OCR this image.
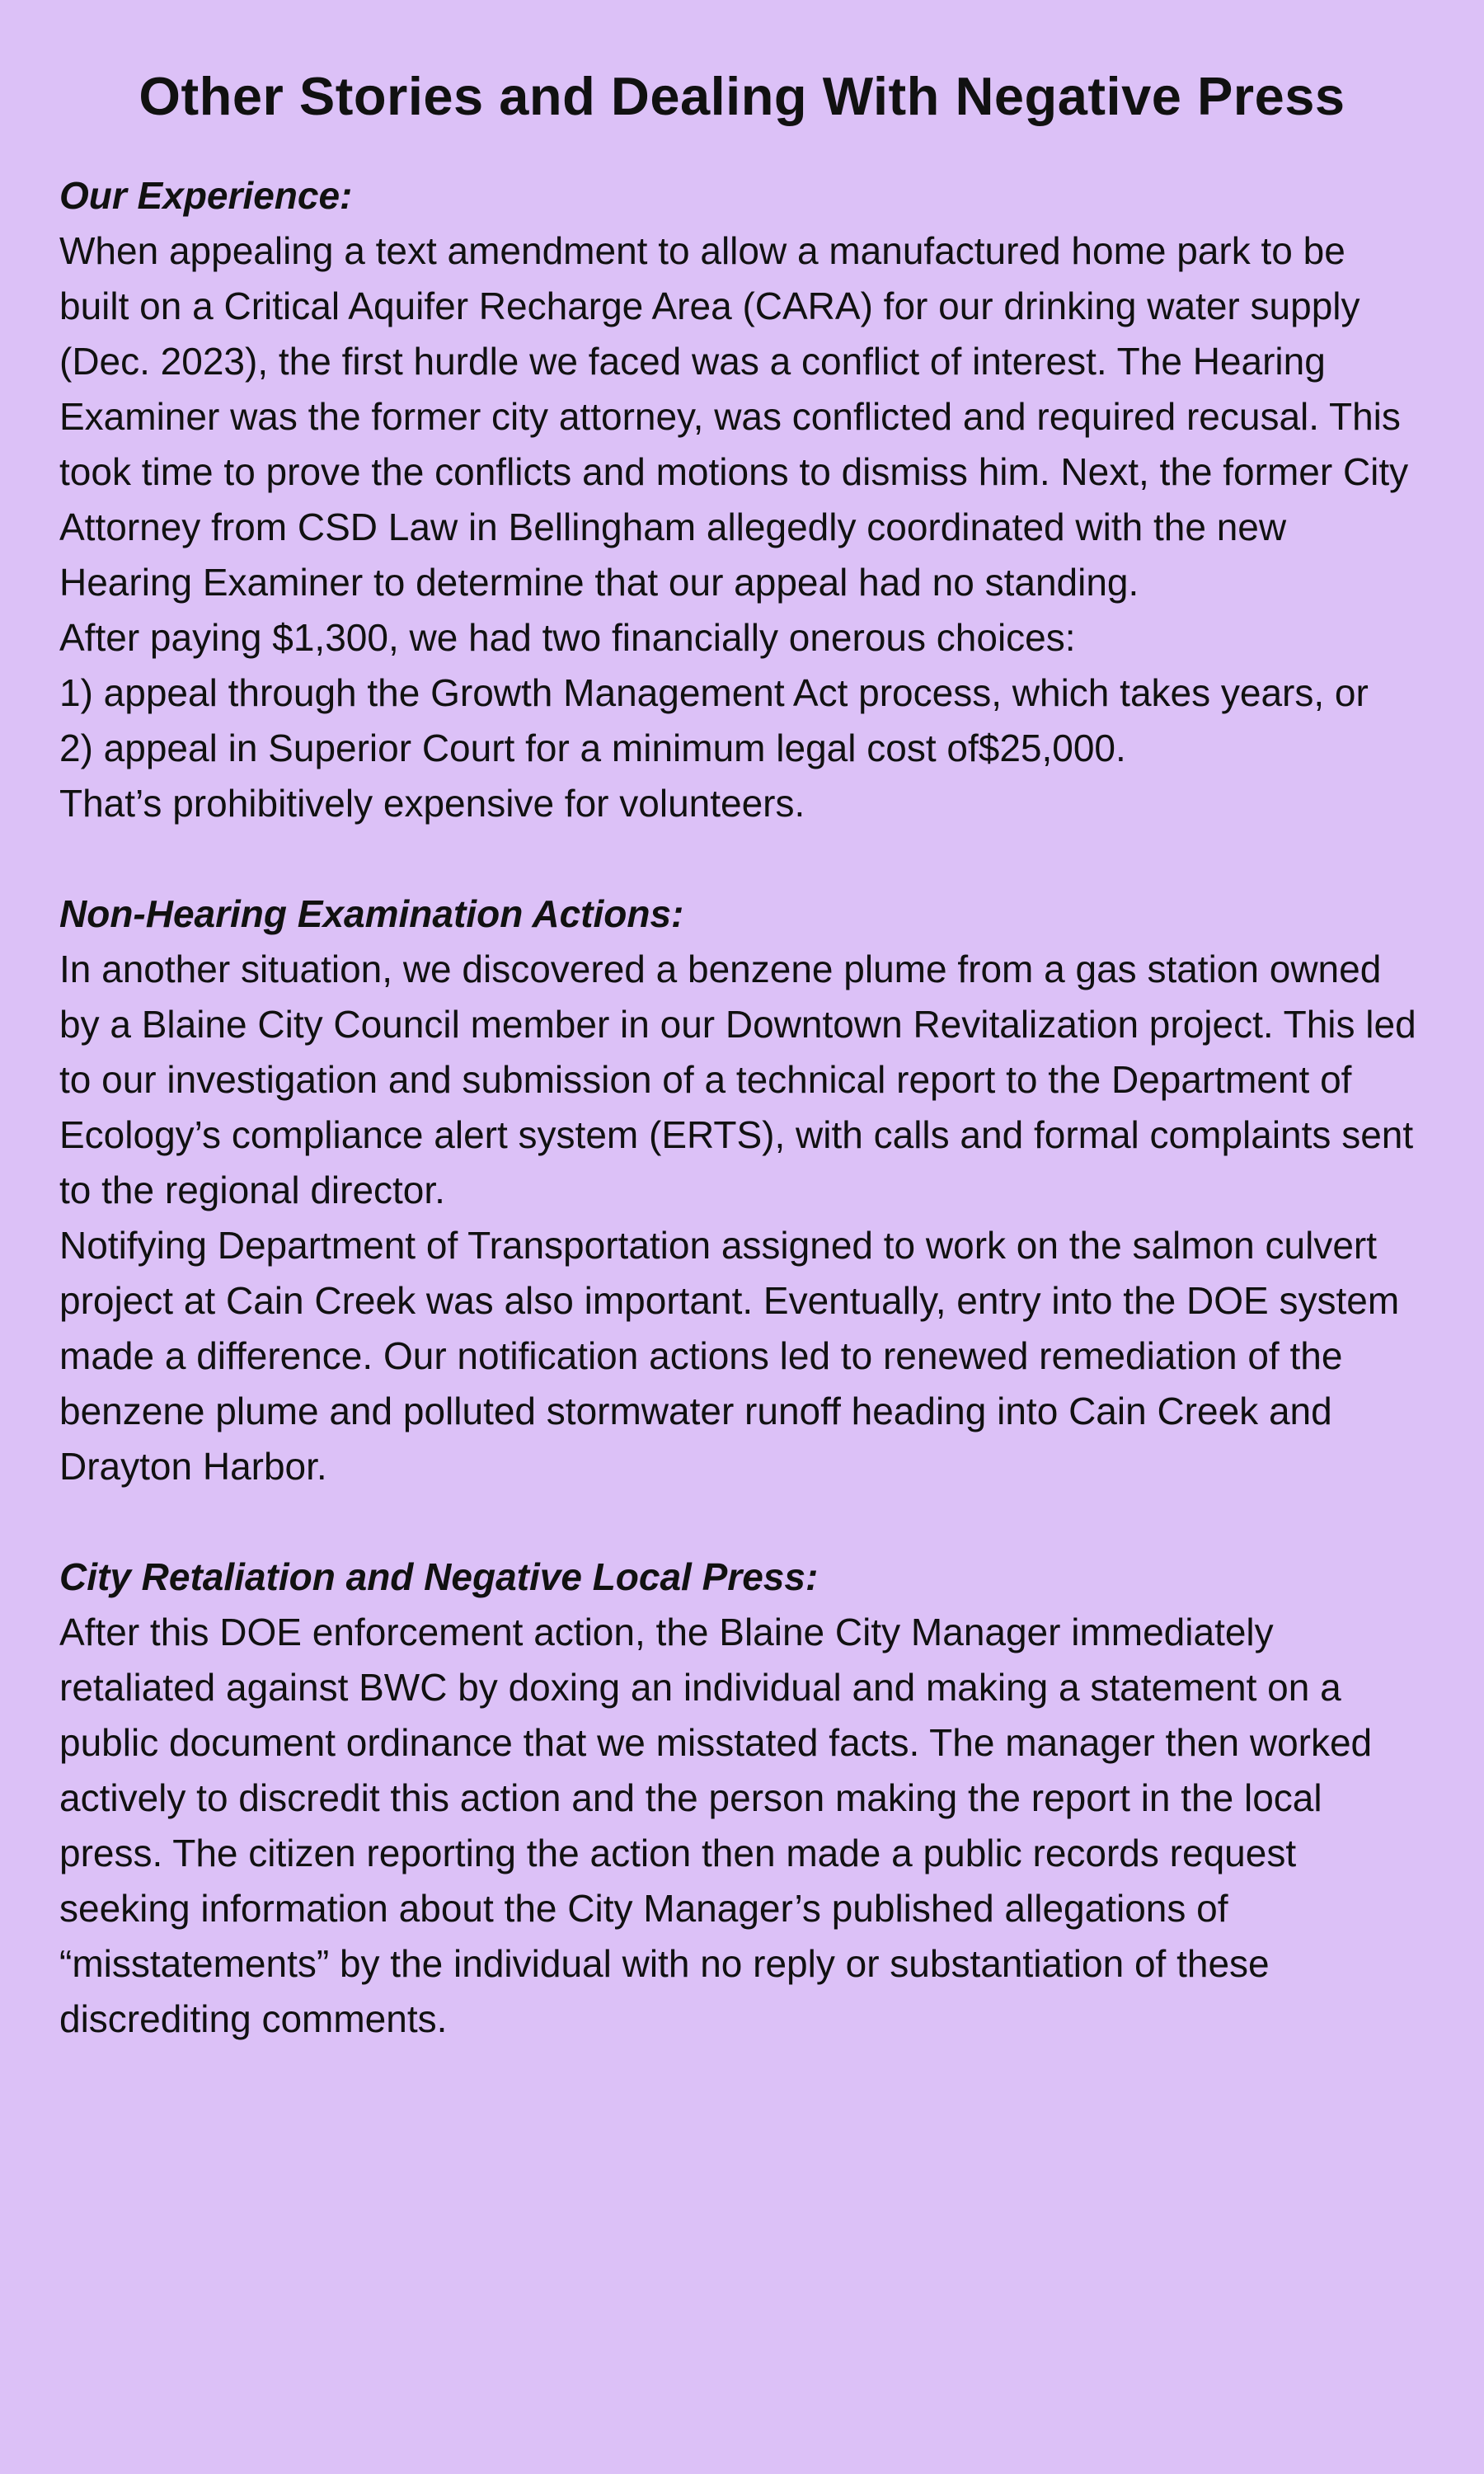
Other Stories and Dealing With Negative Press

Our Experience:

When appealing a text amendment to allow a manufactured home park to be built on a Critical Aquifer Recharge Area (CARA) for our drinking water supply (Dec. 2023), the first hurdle we faced was a conflict of interest. The Hearing Examiner was the former city attorney, was conflicted and required recusal. This took time to prove the conflicts and motions to dismiss him. Next, the former City Attorney from CSD Law in Bellingham allegedly coordinated with the new Hearing Examiner to determine that our appeal had no standing.

After paying $1,300, we had two financially onerous choices:

1) appeal through the Growth Management Act process, which takes years, or

2) appeal in Superior Court for a minimum legal cost of$25,000.

That’s prohibitively expensive for volunteers.

Non-Hearing Examination Actions:

In another situation, we discovered a benzene plume from a gas station owned by a Blaine City Council member in our Downtown Revitalization project. This led to our investigation and submission of a technical report to the Department of Ecology’s compliance alert system (ERTS), with calls and formal complaints sent to the regional director.

Notifying Department of Transportation assigned to work on the salmon culvert project at Cain Creek was also important. Eventually, entry into the DOE system made a difference. Our notification actions led to renewed remediation of the benzene plume and polluted stormwater runoff heading into Cain Creek and Drayton Harbor.

City Retaliation and Negative Local Press:

After this DOE enforcement action, the Blaine City Manager immediately retaliated against BWC by doxing an individual and making a statement on a public document ordinance that we misstated facts. The manager then worked actively to discredit this action and the person making the report in the local press. The citizen reporting the action then made a public records request seeking information about the City Manager’s published allegations of “misstatements” by the individual with no reply or substantiation of these discrediting comments.
